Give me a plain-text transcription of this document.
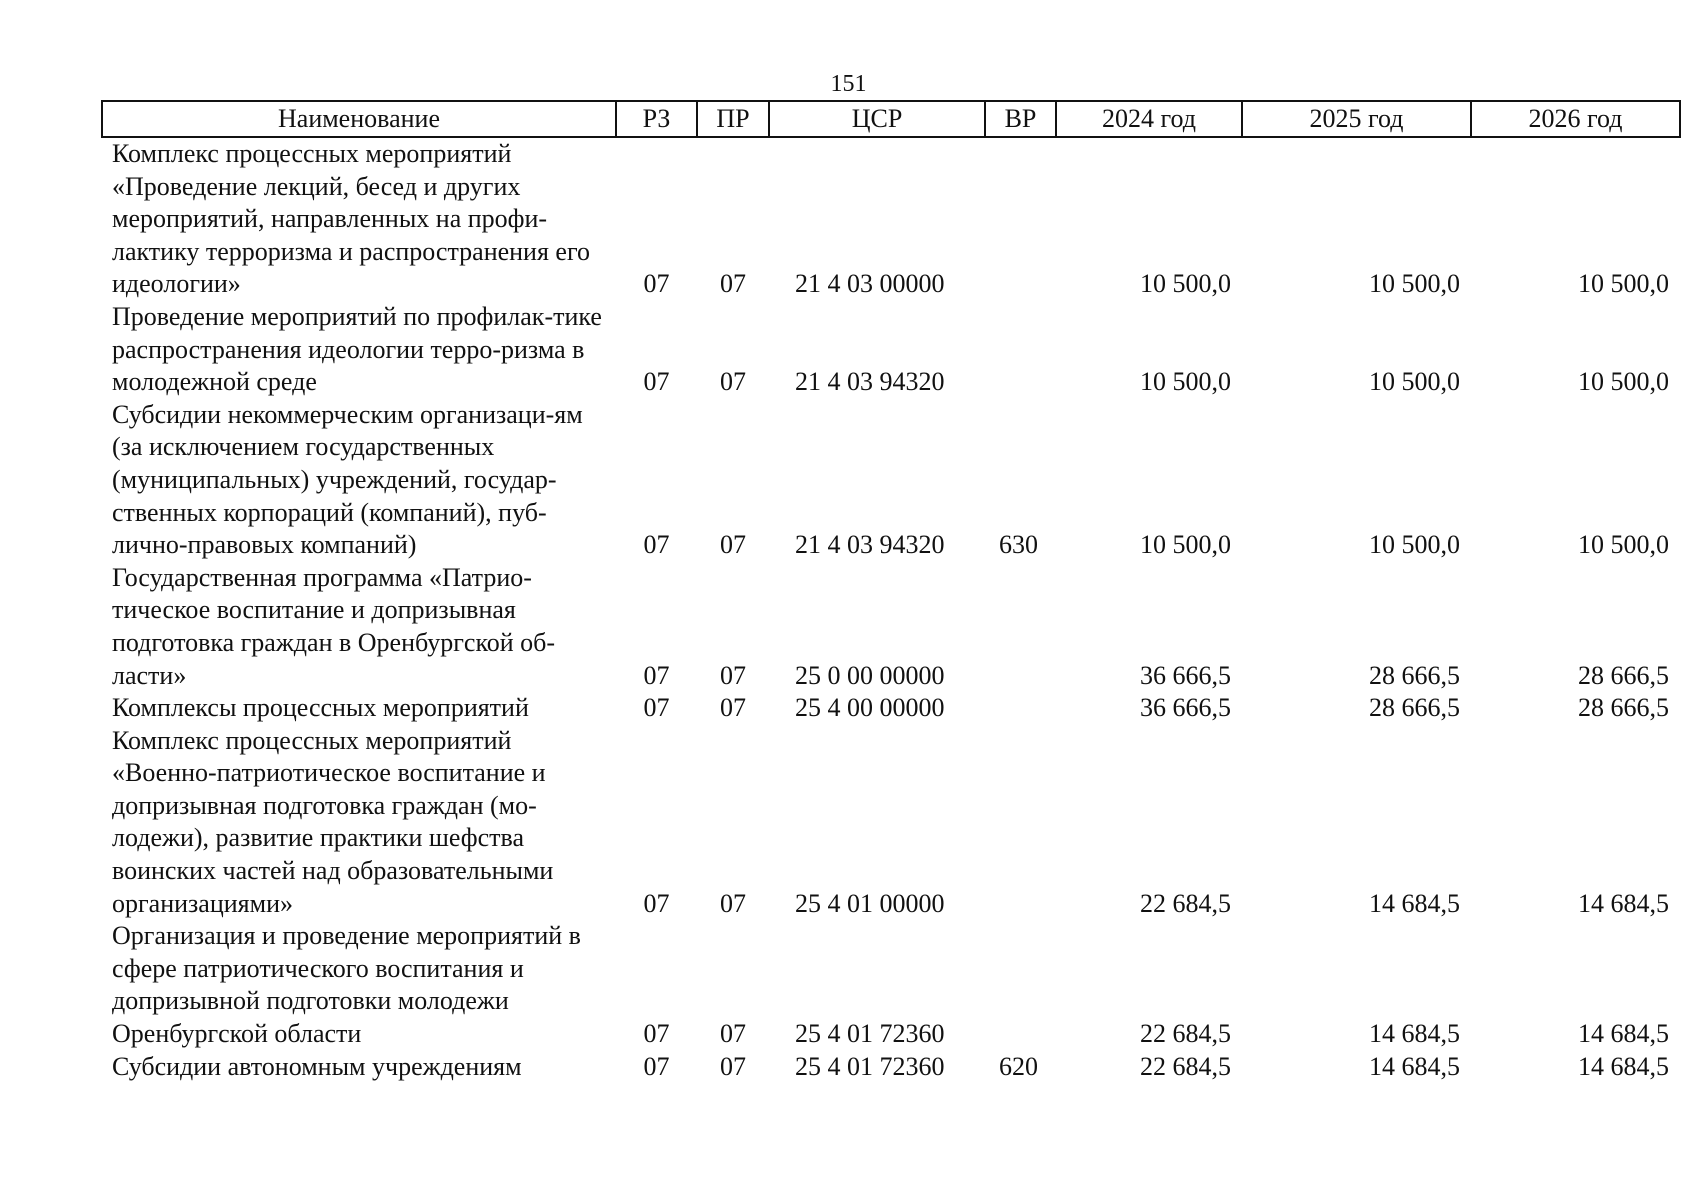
151
Наименование	РЗ	ПР	ЦСР	ВР	2024 год	2025 год	2026 год
Комплекс процессных мероприятий «Проведение лекций, бесед и других мероприятий, направленных на профи-лактику терроризма и распространения его идеологии»	07	07	21 4 03 00000		10 500,0	10 500,0	10 500,0
Проведение мероприятий по профилак-тике распространения идеологии терро-ризма в молодежной среде	07	07	21 4 03 94320		10 500,0	10 500,0	10 500,0
Субсидии некоммерческим организаци-ям (за исключением государственных (муниципальных) учреждений, государ-ственных корпораций (компаний), пуб-лично-правовых компаний)	07	07	21 4 03 94320	630	10 500,0	10 500,0	10 500,0
Государственная программа «Патрио-тическое воспитание и допризывная подготовка граждан в Оренбургской об-ласти»	07	07	25 0 00 00000		36 666,5	28 666,5	28 666,5
Комплексы процессных мероприятий	07	07	25 4 00 00000		36 666,5	28 666,5	28 666,5
Комплекс процессных мероприятий «Военно-патриотическое воспитание и допризывная подготовка граждан (мо-лодежи), развитие практики шефства воинских частей над образовательными организациями»	07	07	25 4 01 00000		22 684,5	14 684,5	14 684,5
Организация и проведение мероприятий в сфере патриотического воспитания и допризывной подготовки молодежи Оренбургской области	07	07	25 4 01 72360		22 684,5	14 684,5	14 684,5
Субсидии автономным учреждениям	07	07	25 4 01 72360	620	22 684,5	14 684,5	14 684,5
